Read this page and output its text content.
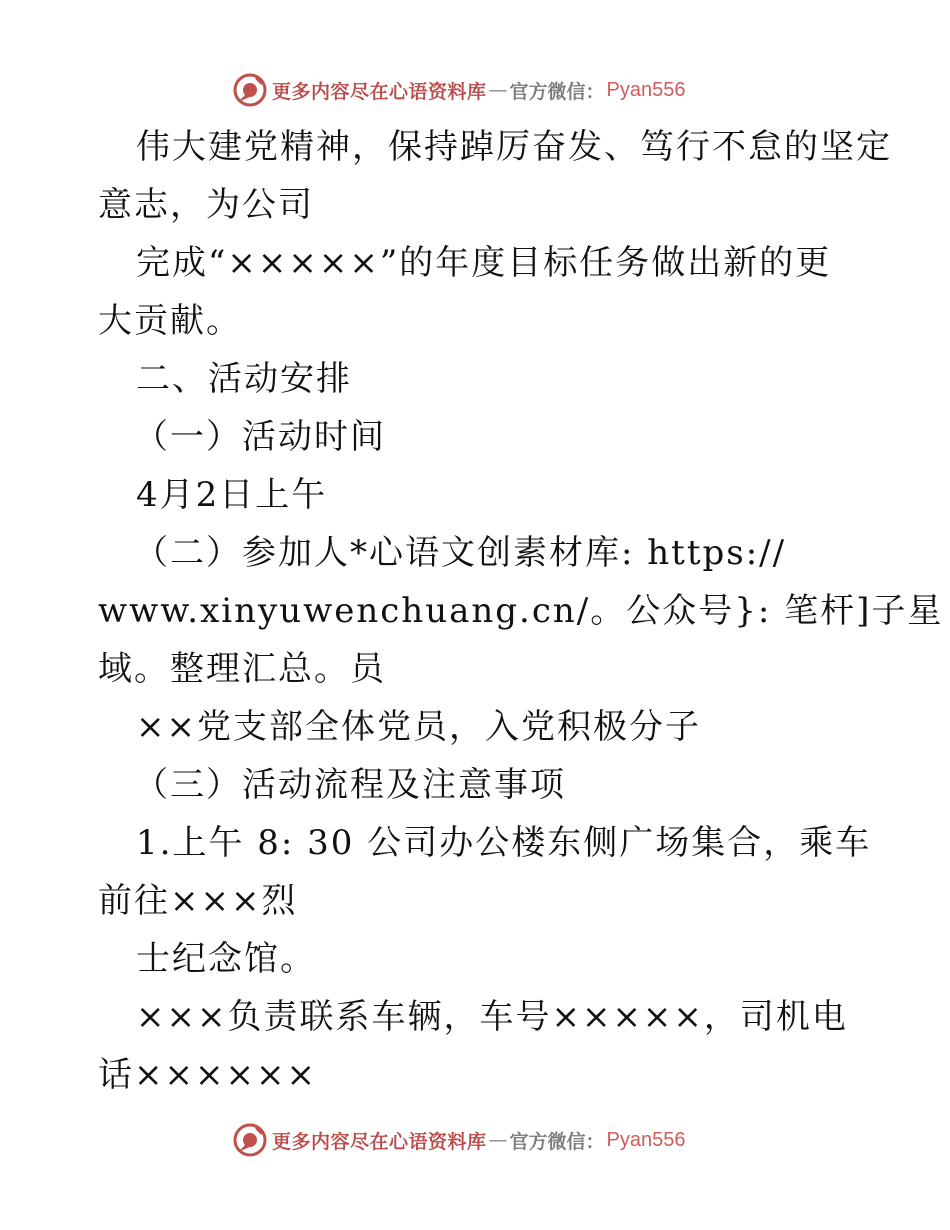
更多内容尽在心语资料库 — 官方微信： Pyan556
伟大建党精神，保持踔厉奋发、笃行不怠的坚定
意志，为公司
完成“×××××”的年度目标任务做出新的更
大贡献。
二、活动安排
（一）活动时间
4月2日上午
（二）参加人*心语文创素材库: https://
www.xinyuwenchuang.cn/。公众号}: 笔杆]子星
域。整理汇总。员
××党支部全体党员，入党积极分子
（三）活动流程及注意事项
1.上午 8: 30 公司办公楼东侧广场集合，乘车
前往×××烈
士纪念馆。
×××负责联系车辆，车号×××××，司机电
话××××××
更多内容尽在心语资料库 — 官方微信： Pyan556
